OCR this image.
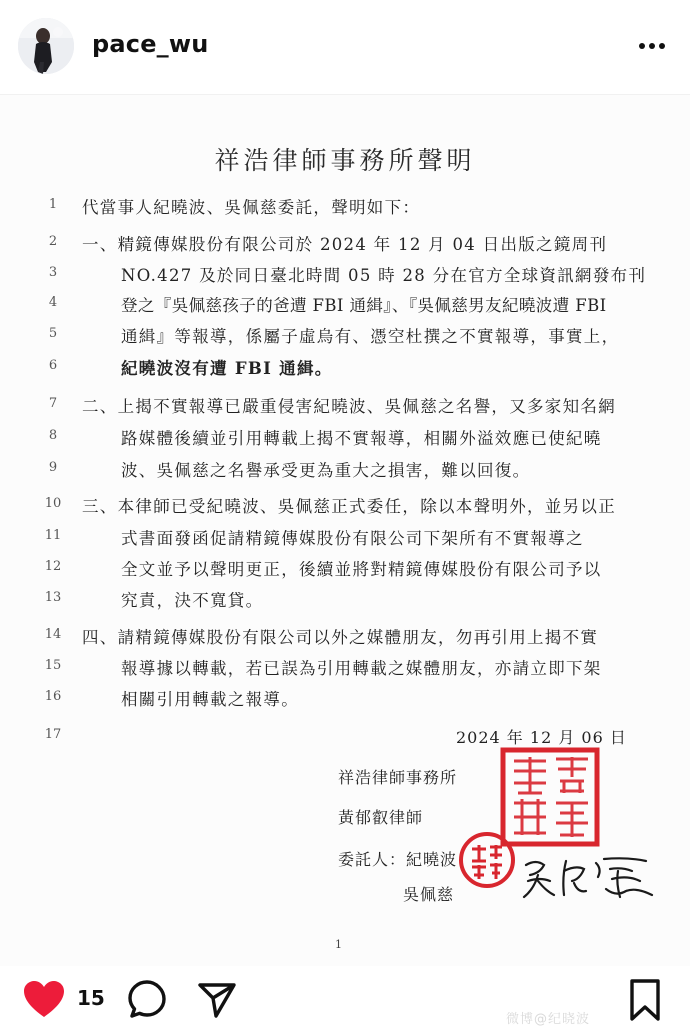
pace_wu
祥浩律師事務所聲明
1
2
3
4
5
6
7
8
9
10
11
12
13
14
15
16
17
代當事人紀曉波、吳佩慈委託，聲明如下：
一、精鏡傳媒股份有限公司於 2024 年 12 月 04 日出版之鏡周刊
NO.427 及於同日臺北時間 05 時 28 分在官方全球資訊網發布刊
登之『吳佩慈孩子的爸遭 FBI 通緝』、『吳佩慈男友紀曉波遭 FBI
通緝』等報導，係屬子虛烏有、憑空杜撰之不實報導，事實上，
紀曉波沒有遭 FBI 通緝。
二、上揭不實報導已嚴重侵害紀曉波、吳佩慈之名譽，又多家知名網
路媒體後續並引用轉載上揭不實報導，相關外溢效應已使紀曉
波、吳佩慈之名譽承受更為重大之損害，難以回復。
三、本律師已受紀曉波、吳佩慈正式委任，除以本聲明外，並另以正
式書面發函促請精鏡傳媒股份有限公司下架所有不實報導之
全文並予以聲明更正，後續並將對精鏡傳媒股份有限公司予以
究責，決不寬貸。
四、請精鏡傳媒股份有限公司以外之媒體朋友，勿再引用上揭不實
報導據以轉載，若已誤為引用轉載之媒體朋友，亦請立即下架
相關引用轉載之報導。
2024 年 12 月 06 日
祥浩律師事務所
黃郁叡律師
委託人：紀曉波
吳佩慈
1
15
微博@纪晓波
